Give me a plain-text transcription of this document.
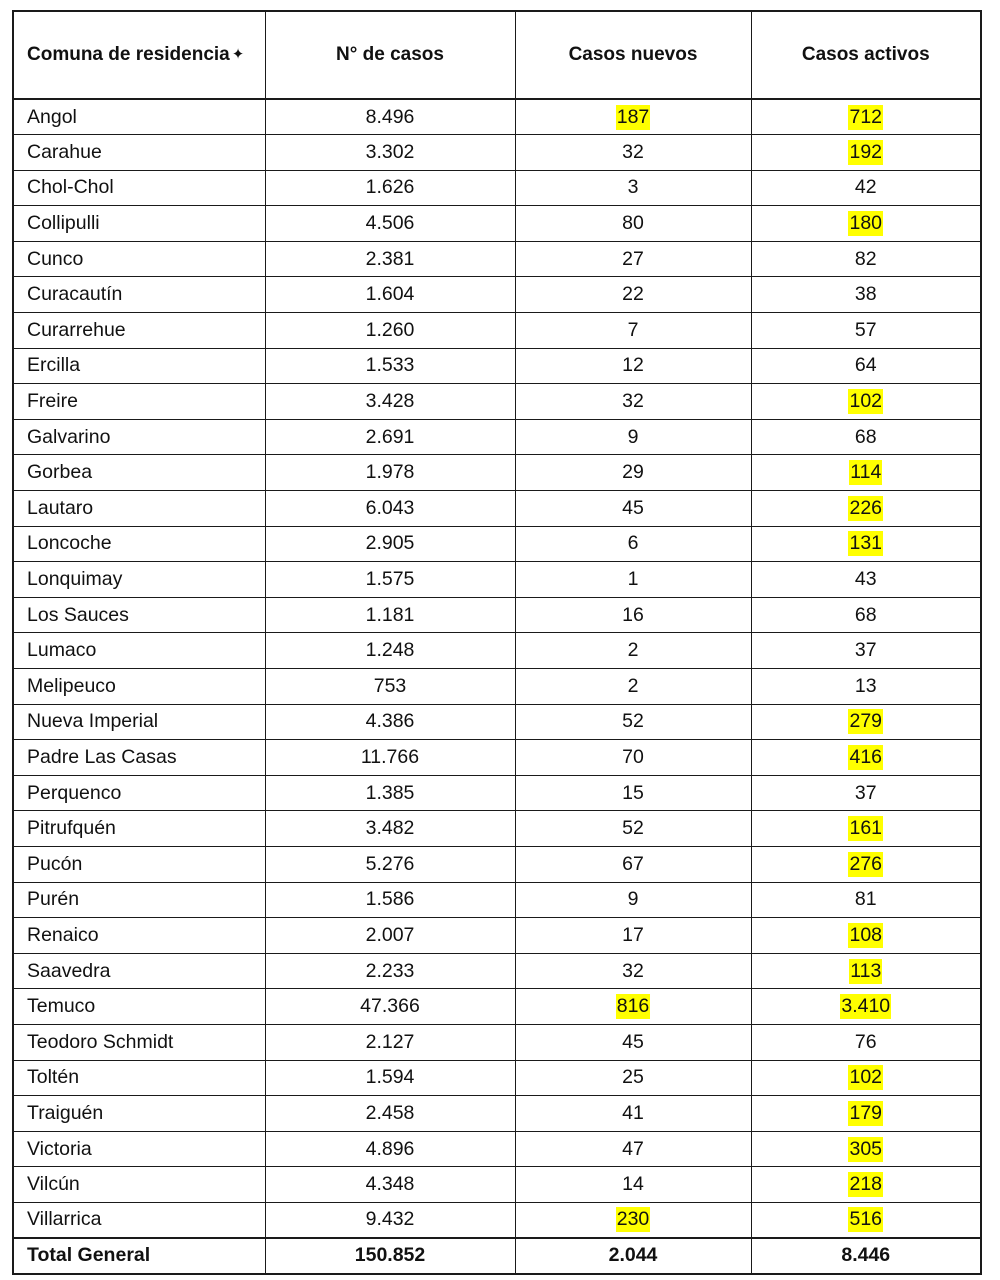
Comuna de residencia ✦	N° de casos	Casos nuevos	Casos activos
Angol	8.496	187	712
Carahue	3.302	32	192
Chol-Chol	1.626	3	42
Collipulli	4.506	80	180
Cunco	2.381	27	82
Curacautín	1.604	22	38
Curarrehue	1.260	7	57
Ercilla	1.533	12	64
Freire	3.428	32	102
Galvarino	2.691	9	68
Gorbea	1.978	29	114
Lautaro	6.043	45	226
Loncoche	2.905	6	131
Lonquimay	1.575	1	43
Los Sauces	1.181	16	68
Lumaco	1.248	2	37
Melipeuco	753	2	13
Nueva Imperial	4.386	52	279
Padre Las Casas	11.766	70	416
Perquenco	1.385	15	37
Pitrufquén	3.482	52	161
Pucón	5.276	67	276
Purén	1.586	9	81
Renaico	2.007	17	108
Saavedra	2.233	32	113
Temuco	47.366	816	3.410
Teodoro Schmidt	2.127	45	76
Toltén	1.594	25	102
Traiguén	2.458	41	179
Victoria	4.896	47	305
Vilcún	4.348	14	218
Villarrica	9.432	230	516
Total General	150.852	2.044	8.446
